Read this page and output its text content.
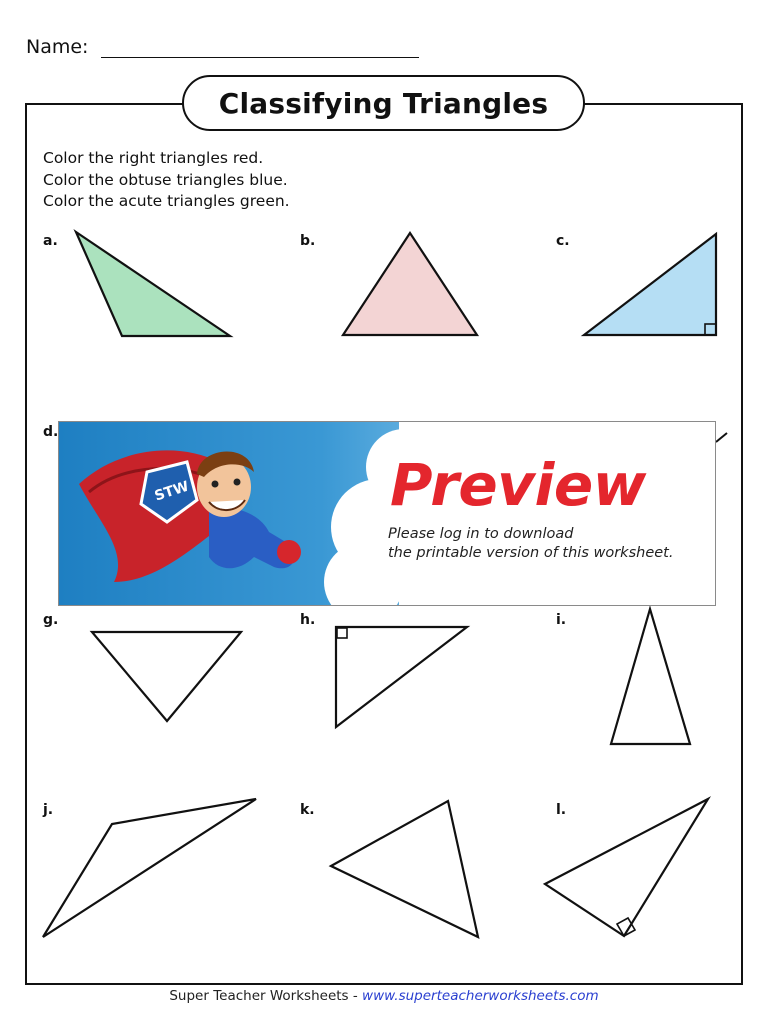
Name:
Classifying Triangles
Color the right triangles red.
Color the obtuse triangles blue.
Color the acute triangles green.
a.	b.	c.
d.
g.	h.	i.
j.	k.	l.
STW	Preview
Please log in to download
the printable version of this worksheet.
Super Teacher Worksheets - www.superteacherworksheets.com
